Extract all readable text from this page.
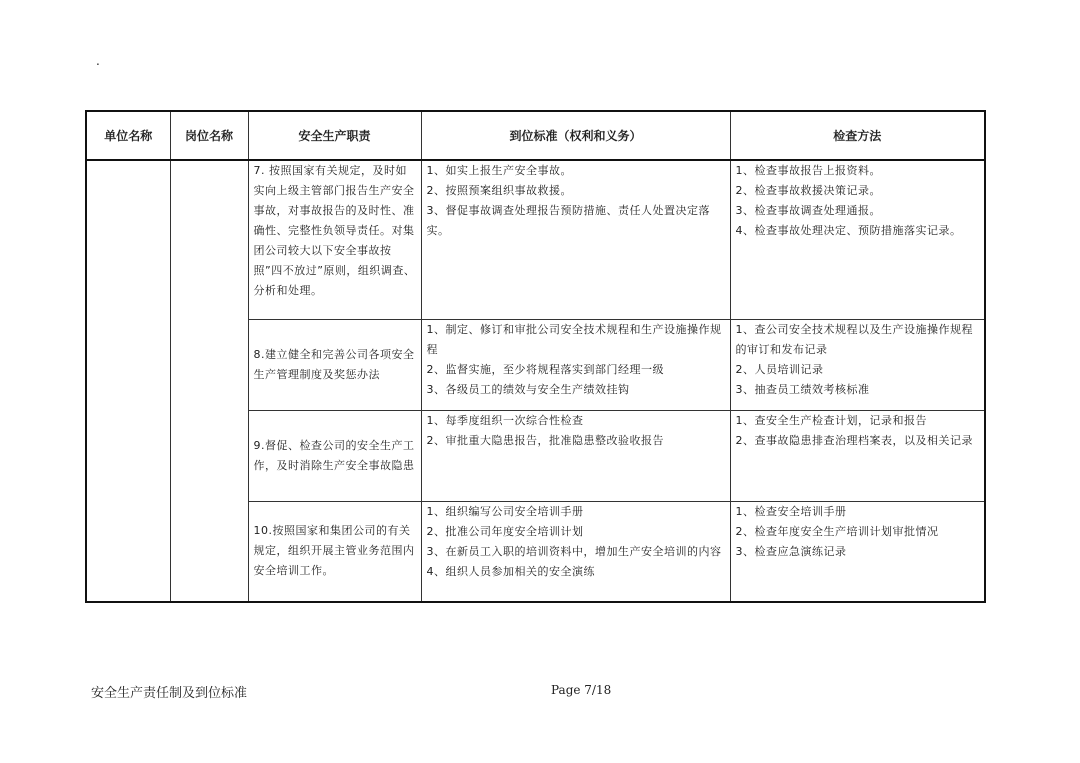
.
单位名称	岗位名称	安全生产职责	到位标准（权利和义务）	检查方法
		7. 按照国家有关规定，及时如实向上级主管部门报告生产安全事故，对事故报告的及时性、准确性、完整性负领导责任。对集团公司较大以下安全事故按照”四不放过”原则，组织调查、分析和处理。	1、如实上报生产安全事故。
2、按照预案组织事故救援。
3、督促事故调查处理报告预防措施、责任人处置决定落实。	1、检查事故报告上报资料。
2、检查事故救援决策记录。
3、检查事故调查处理通报。
4、检查事故处理决定、预防措施落实记录。

		8.建立健全和完善公司各项安全生产管理制度及奖惩办法	1、制定、修订和审批公司安全技术规程和生产设施操作规程
2、监督实施，至少将规程落实到部门经理一级
3、各级员工的绩效与安全生产绩效挂钩	1、查公司安全技术规程以及生产设施操作规程的审订和发布记录
2、人员培训记录
3、抽查员工绩效考核标准

		9.督促、检查公司的安全生产工作，及时消除生产安全事故隐患	1、每季度组织一次综合性检查
2、审批重大隐患报告，批准隐患整改验收报告	1、查安全生产检查计划，记录和报告
2、查事故隐患排查治理档案表，以及相关记录

		10.按照国家和集团公司的有关规定，组织开展主管业务范围内安全培训工作。	1、组织编写公司安全培训手册
2、批准公司年度安全培训计划
3、在新员工入职的培训资料中，增加生产安全培训的内容
4、组织人员参加相关的安全演练	1、检查安全培训手册
2、检查年度安全生产培训计划审批情况
3、检查应急演练记录
安全生产责任制及到位标准	Page 7/18
